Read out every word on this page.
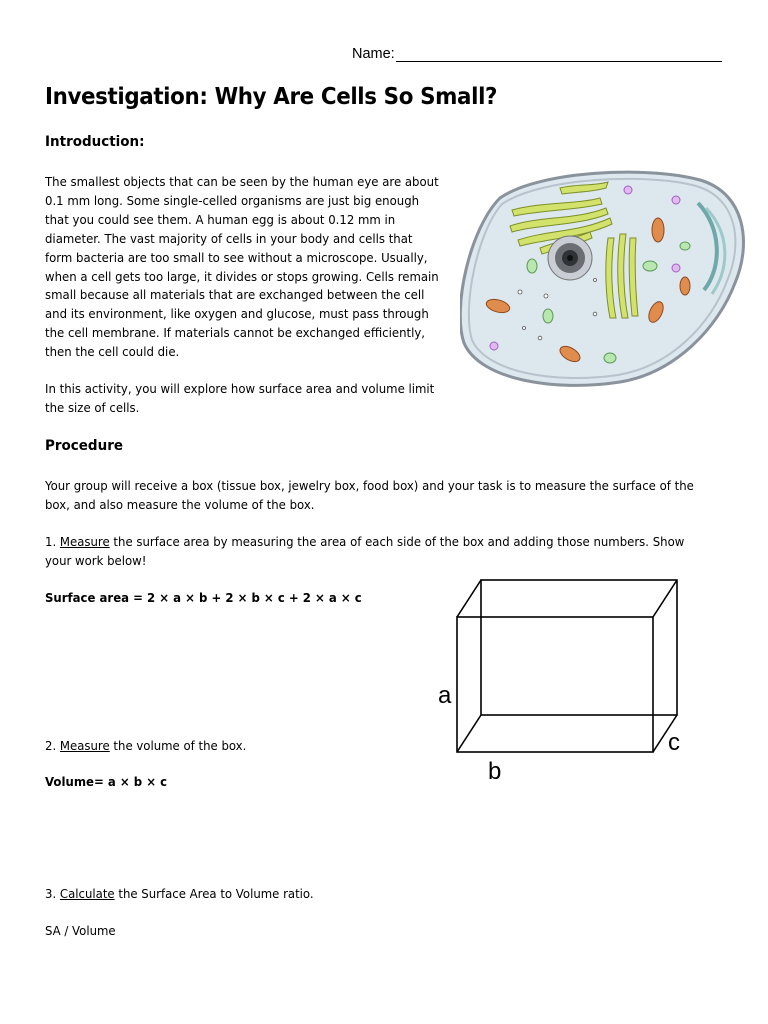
Name:
Investigation: Why Are Cells So Small?
Introduction:
The smallest objects that can be seen by the human eye are about
0.1 mm long. Some single-celled organisms are just big enough
that you could see them. A human egg is about 0.12 mm in
diameter. The vast majority of cells in your body and cells that
form bacteria are too small to see without a microscope. Usually,
when a cell gets too large, it divides or stops growing. Cells remain
small because all materials that are exchanged between the cell
and its environment, like oxygen and glucose, must pass through
the cell membrane. If materials cannot be exchanged efficiently,
then the cell could die.
In this activity, you will explore how surface area and volume limit
the size of cells.
Procedure
Your group will receive a box (tissue box, jewelry box, food box) and your task is to measure the surface of the
box, and also measure the volume of the box.
1. Measure the surface area by measuring the area of each side of the box and adding those numbers. Show
your work below!
Surface area = 2 × a × b + 2 × b × c + 2 × a × c
a
b
c
2. Measure the volume of the box.
Volume= a × b × c
3. Calculate the Surface Area to Volume ratio.
SA / Volume
